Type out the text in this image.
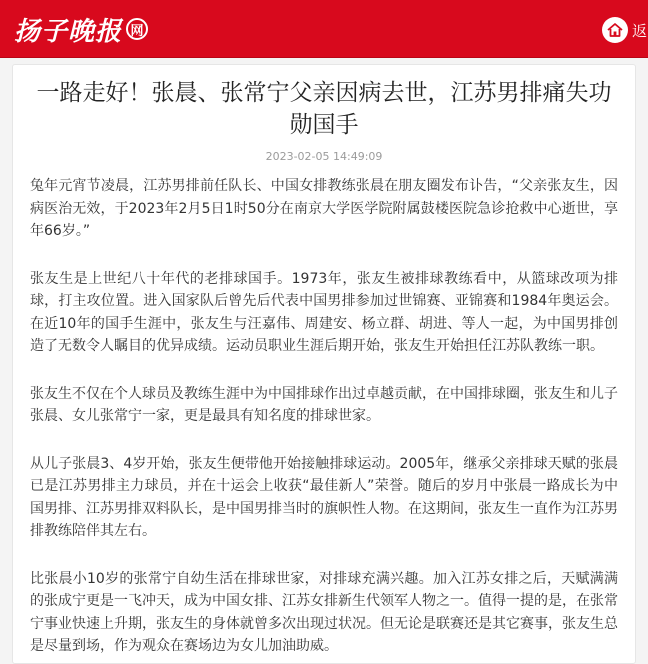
扬子晚报 网	返
一路走好！张晨、张常宁父亲因病去世，江苏男排痛失功勋国手
2023-02-05 14:49:09

兔年元宵节凌晨，江苏男排前任队长、中国女排教练张晨在朋友圈发布讣告，“父亲张友生，因病医治无效，于2023年2月5日1时50分在南京大学医学院附属鼓楼医院急诊抢救中心逝世，享年66岁。”

张友生是上世纪八十年代的老排球国手。1973年，张友生被排球教练看中，从篮球改项为排球，打主攻位置。进入国家队后曾先后代表中国男排参加过世锦赛、亚锦赛和1984年奥运会。在近10年的国手生涯中，张友生与汪嘉伟、周建安、杨立群、胡进、等人一起，为中国男排创造了无数令人瞩目的优异成绩。运动员职业生涯后期开始，张友生开始担任江苏队教练一职。

张友生不仅在个人球员及教练生涯中为中国排球作出过卓越贡献，在中国排球圈，张友生和儿子张晨、女儿张常宁一家，更是最具有知名度的排球世家。

从儿子张晨3、4岁开始，张友生便带他开始接触排球运动。2005年，继承父亲排球天赋的张晨已是江苏男排主力球员，并在十运会上收获“最佳新人”荣誉。随后的岁月中张晨一路成长为中国男排、江苏男排双料队长，是中国男排当时的旗帜性人物。在这期间，张友生一直作为江苏男排教练陪伴其左右。

比张晨小10岁的张常宁自幼生活在排球世家，对排球充满兴趣。加入江苏女排之后，天赋满满的张成宁更是一飞冲天，成为中国女排、江苏女排新生代领军人物之一。值得一提的是，在张常宁事业快速上升期，张友生的身体就曾多次出现过状况。但无论是联赛还是其它赛事，张友生总是尽量到场，作为观众在赛场边为女儿加油助威。
